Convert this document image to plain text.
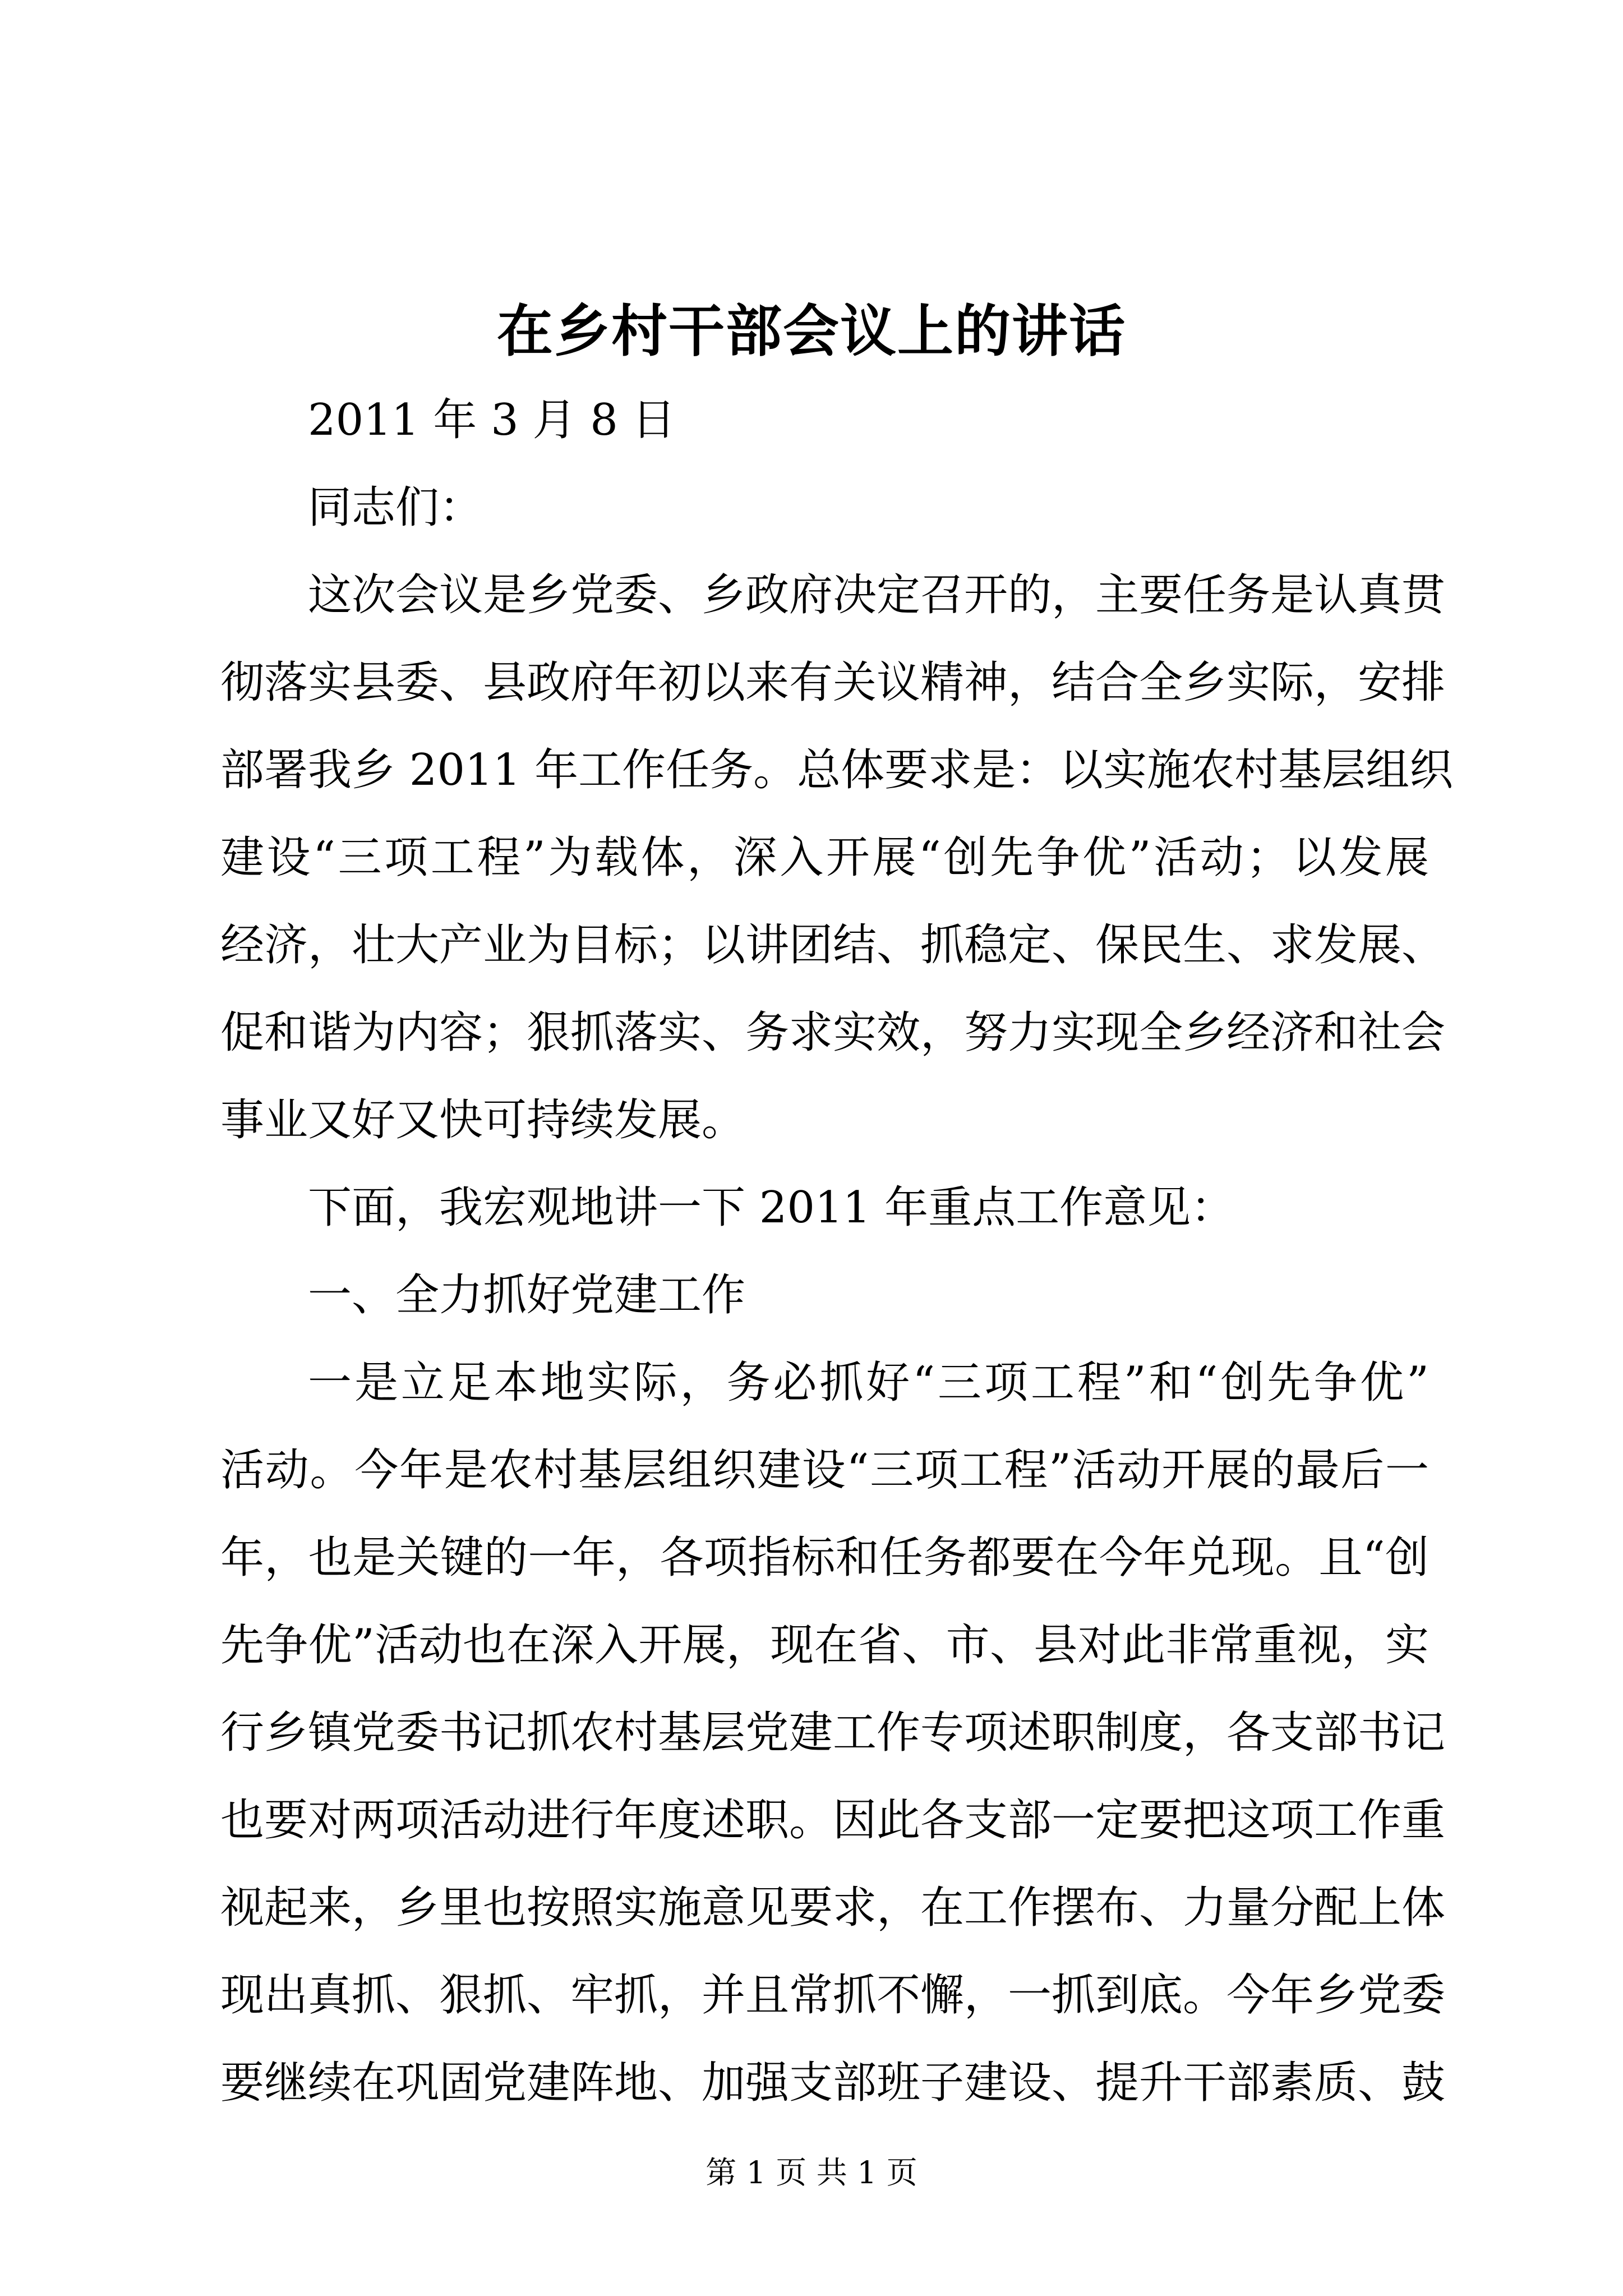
在乡村干部会议上的讲话
2011 年 3 月 8 日
同志们：
这次会议是乡党委、乡政府决定召开的，主要任务是认真贯
彻落实县委、县政府年初以来有关议精神，结合全乡实际，安排
部署我乡 2011 年工作任务。总体要求是：以实施农村基层组织
建设“三项工程”为载体，深入开展“创先争优”活动；以发展
经济，壮大产业为目标；以讲团结、抓稳定、保民生、求发展、
促和谐为内容；狠抓落实、务求实效，努力实现全乡经济和社会
事业又好又快可持续发展。
下面，我宏观地讲一下 2011 年重点工作意见：
一、全力抓好党建工作
一是立足本地实际，务必抓好“三项工程”和“创先争优”
活动。今年是农村基层组织建设“三项工程”活动开展的最后一
年，也是关键的一年，各项指标和任务都要在今年兑现。且“创
先争优”活动也在深入开展，现在省、市、县对此非常重视，实
行乡镇党委书记抓农村基层党建工作专项述职制度，各支部书记
也要对两项活动进行年度述职。因此各支部一定要把这项工作重
视起来，乡里也按照实施意见要求，在工作摆布、力量分配上体
现出真抓、狠抓、牢抓，并且常抓不懈，一抓到底。今年乡党委
要继续在巩固党建阵地、加强支部班子建设、提升干部素质、鼓
第 1 页 共 1 页
